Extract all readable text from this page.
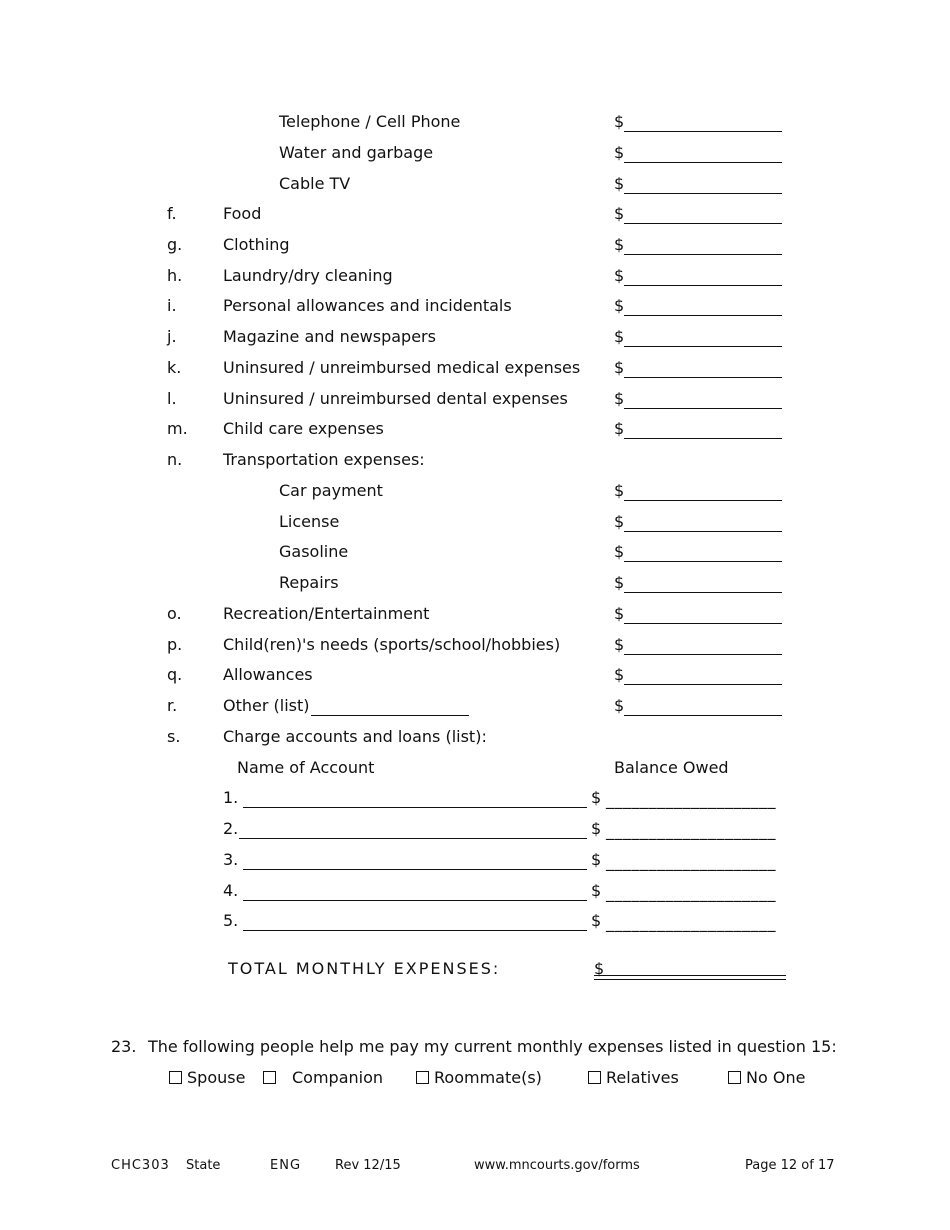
Telephone / Cell Phone	$
Water and garbage	$
Cable TV	$
f.	Food	$
g.	Clothing	$
h.	Laundry/dry cleaning	$
i.	Personal allowances and incidentals	$
j.	Magazine and newspapers	$
k.	Uninsured / unreimbursed medical expenses $
l.	Uninsured / unreimbursed dental expenses	$
m. Child care expenses	$
n.	Transportation expenses:
Car payment	$
License	$
Gasoline	$
Repairs	$
o.	Recreation/Entertainment	$
p.	Child(ren)'s needs (sports/school/hobbies)	$
q.	Allowances	$
r.	Other (list)	$
s.	Charge accounts and loans (list):
Name of Account	Balance Owed
1.	$ ____________________
2.	$ ____________________
3.	$ ____________________
4.	$ ____________________
5.	$ ____________________
TOTAL MONTHLY EXPENSES:	$
23. The following people help me pay my current monthly expenses listed in question 15:
Spouse	Companion	Roommate(s)	Relatives	No One
CHC303 State	ENG	Rev 12/15	www.mncourts.gov/forms	Page 12 of 17
